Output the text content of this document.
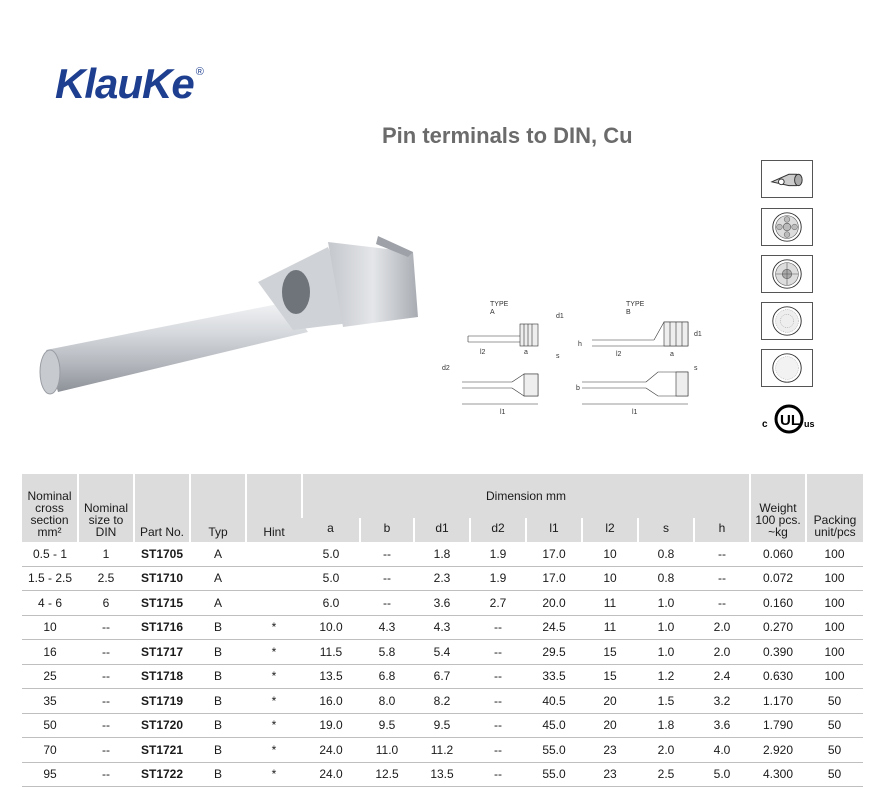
KlauKe ®
Pin terminals to DIN, Cu
TYPE
A
l2	a
d1
s
d2
l1
TYPE
B
h
l2	a
d1
b
l1
s
UL
c	us
Nominal cross section mm²	Nominal size to DIN	Part No.	Typ	Hint	Dimension mm								Weight 100 pcs. ~kg	Packing unit/pcs
					a	b	d1	d2	l1	l2	s	h		
0.5 - 1	1	ST1705	A		5.0	--	1.8	1.9	17.0	10	0.8	--	0.060	100
1.5 - 2.5	2.5	ST1710	A		5.0	--	2.3	1.9	17.0	10	0.8	--	0.072	100
4 - 6	6	ST1715	A		6.0	--	3.6	2.7	20.0	11	1.0	--	0.160	100
10	--	ST1716	B	*	10.0	4.3	4.3	--	24.5	11	1.0	2.0	0.270	100
16	--	ST1717	B	*	11.5	5.8	5.4	--	29.5	15	1.0	2.0	0.390	100
25	--	ST1718	B	*	13.5	6.8	6.7	--	33.5	15	1.2	2.4	0.630	100
35	--	ST1719	B	*	16.0	8.0	8.2	--	40.5	20	1.5	3.2	1.170	50
50	--	ST1720	B	*	19.0	9.5	9.5	--	45.0	20	1.8	3.6	1.790	50
70	--	ST1721	B	*	24.0	11.0	11.2	--	55.0	23	2.0	4.0	2.920	50
95	--	ST1722	B	*	24.0	12.5	13.5	--	55.0	23	2.5	5.0	4.300	50
